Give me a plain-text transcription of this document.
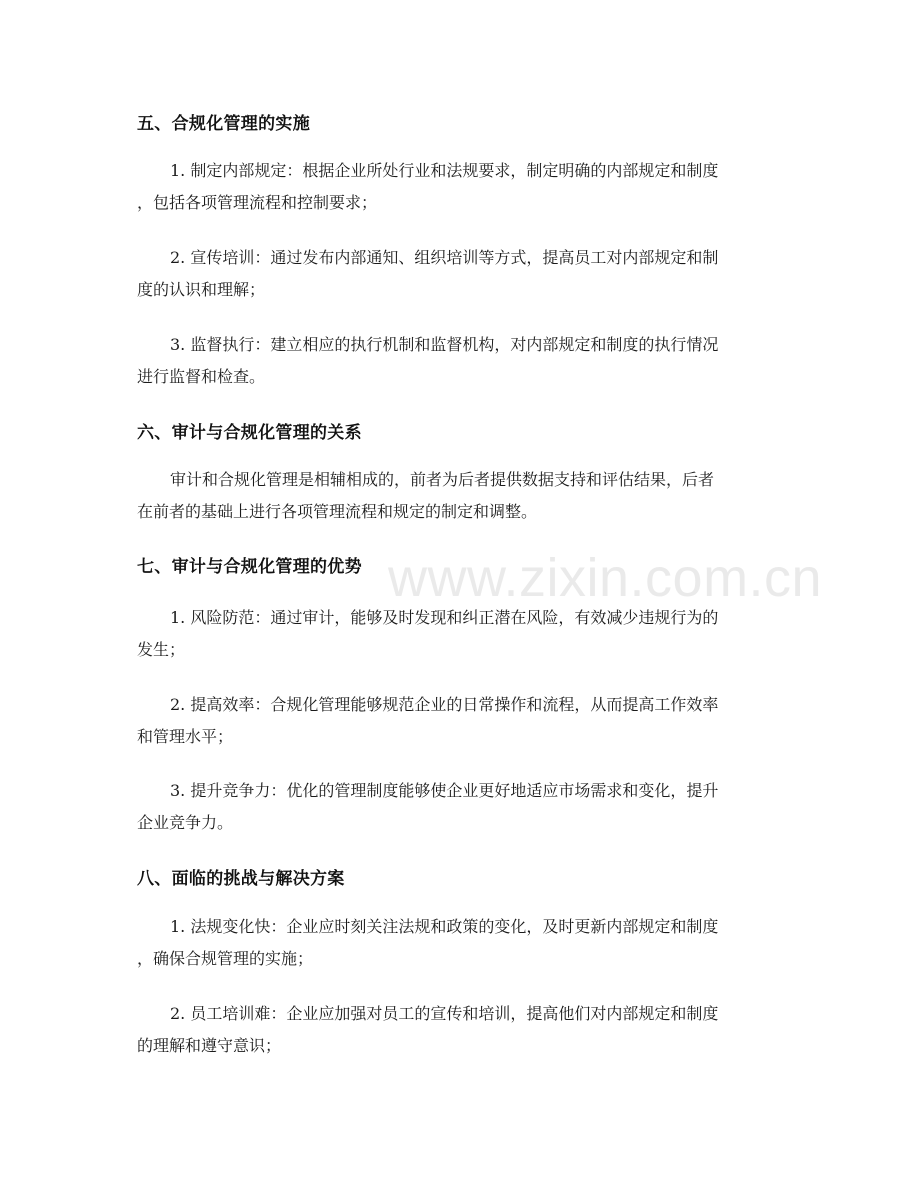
五、合规化管理的实施
1. 制定内部规定：根据企业所处行业和法规要求，制定明确的内部规定和制度
，包括各项管理流程和控制要求；
2. 宣传培训：通过发布内部通知、组织培训等方式，提高员工对内部规定和制
度的认识和理解；
3. 监督执行：建立相应的执行机制和监督机构，对内部规定和制度的执行情况
进行监督和检查。
六、审计与合规化管理的关系
审计和合规化管理是相辅相成的，前者为后者提供数据支持和评估结果，后者
在前者的基础上进行各项管理流程和规定的制定和调整。
七、审计与合规化管理的优势
1. 风险防范：通过审计，能够及时发现和纠正潜在风险，有效减少违规行为的
发生；
2. 提高效率：合规化管理能够规范企业的日常操作和流程，从而提高工作效率
和管理水平；
3. 提升竞争力：优化的管理制度能够使企业更好地适应市场需求和变化，提升
企业竞争力。
八、面临的挑战与解决方案
1. 法规变化快：企业应时刻关注法规和政策的变化，及时更新内部规定和制度
，确保合规管理的实施；
2. 员工培训难：企业应加强对员工的宣传和培训，提高他们对内部规定和制度
的理解和遵守意识；
www.zixin.com.cn
